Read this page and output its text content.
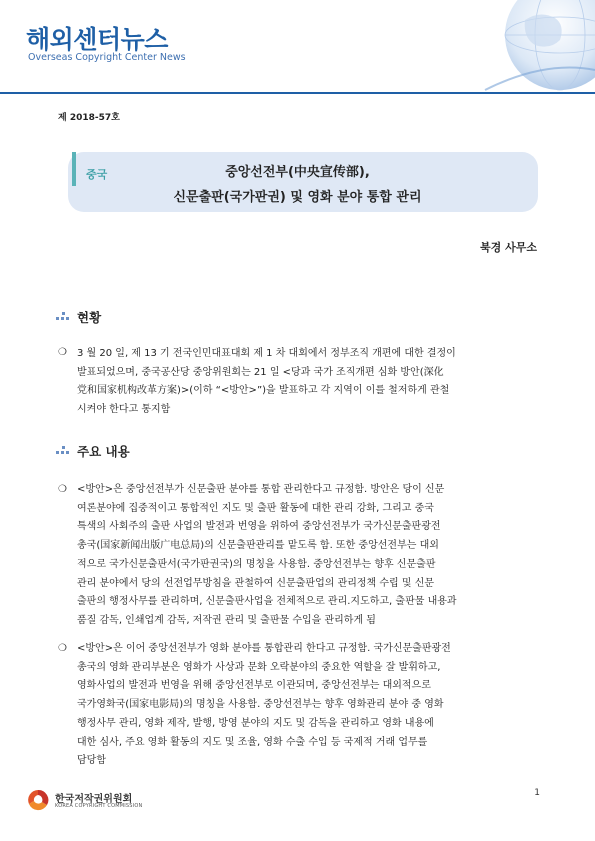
해외센터뉴스
Overseas Copyright Center News
제 2018-57호
중국	중앙선전부(中央宣传部),
신문출판(국가판권) 및 영화 분야 통합 관리
북경 사무소
현황
❍ 3 월 20 일, 제 13 기 전국인민대표대회 제 1 차 대회에서 정부조직 개편에 대한 결정이
발표되었으며, 중국공산당 중앙위원회는 21 일 <당과 국가 조직개편 심화 방안(深化
党和国家机构改革方案)>(이하 “<방안>”)을 발표하고 각 지역이 이를 철저하게 관철
시켜야 한다고 통지함
주요 내용
❍ <방안>은 중앙선전부가 신문출판 분야를 통합 관리한다고 규정함. 방안은 당이 신문
여론분야에 집중적이고 통합적인 지도 및 출판 활동에 대한 관리 강화, 그리고 중국
특색의 사회주의 출판 사업의 발전과 번영을 위하여 중앙선전부가 국가신문출판광전
총국(国家新闻出版广电总局)의 신문출판관리를 맡도록 함. 또한 중앙선전부는 대외
적으로 국가신문출판서(국가판권국)의 명칭을 사용함. 중앙선전부는 향후 신문출판
관리 분야에서 당의 선전업무방침을 관철하여 신문출판업의 관리정책 수립 및 신문
출판의 행정사무를 관리하며, 신문출판사업을 전체적으로 관리.지도하고, 출판물 내용과
품질 감독, 인쇄업계 감독, 저작권 관리 및 출판물 수입을 관리하게 됨
❍ <방안>은 이어 중앙선전부가 영화 분야를 통합관리 한다고 규정함. 국가신문출판광전
총국의 영화 관리부분은 영화가 사상과 문화 오락분야의 중요한 역할을 잘 발휘하고,
영화사업의 발전과 번영을 위해 중앙선전부로 이관되며, 중앙선전부는 대외적으로
국가영화국(国家电影局)의 명칭을 사용함. 중앙선전부는 향후 영화관리 분야 중 영화
행정사무 관리, 영화 제작, 발행, 방영 분야의 지도 및 감독을 관리하고 영화 내용에
대한 심사, 주요 영화 활동의 지도 및 조율, 영화 수출 수입 등 국제적 거래 업무를
담당함
한국저작권위원회
KOREA COPYRIGHT COMMISSION
1
